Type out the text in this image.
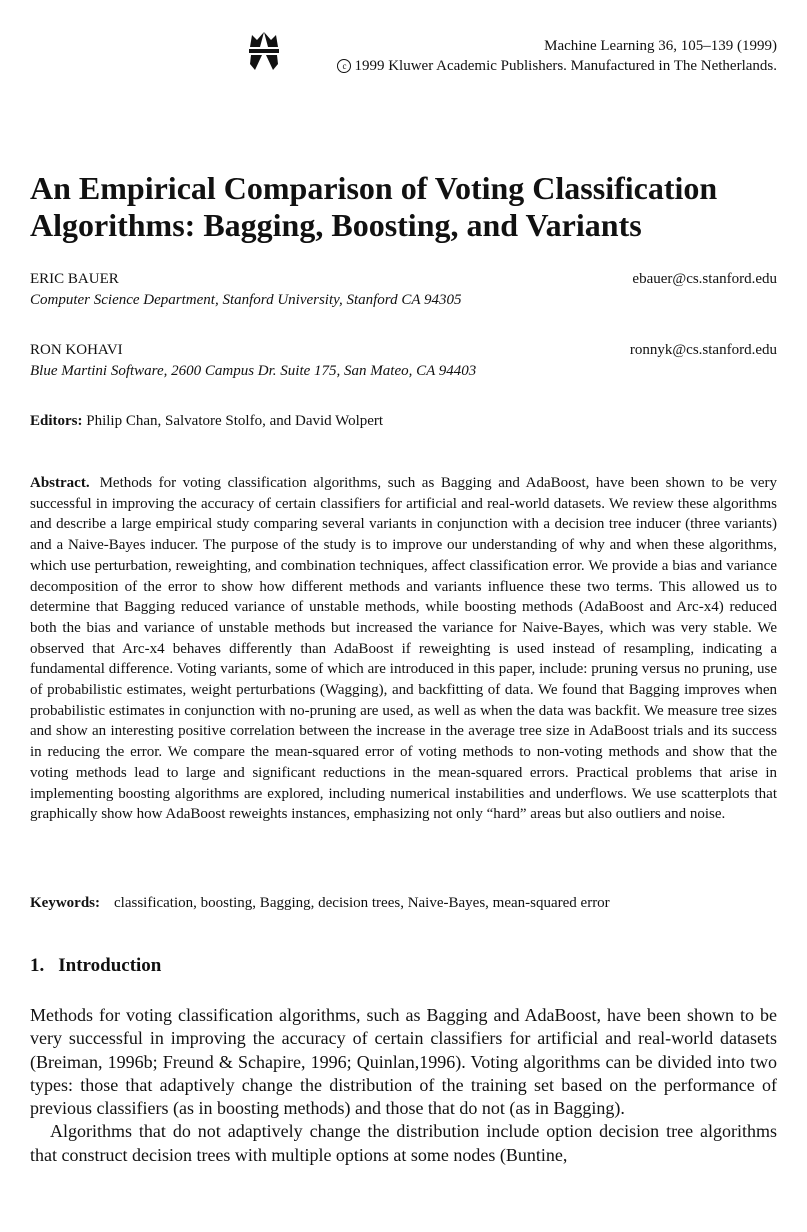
Machine Learning 36, 105–139 (1999)
c 1999 Kluwer Academic Publishers. Manufactured in The Netherlands.
An Empirical Comparison of Voting Classification
Algorithms: Bagging, Boosting, and Variants
ERIC BAUER	ebauer@cs.stanford.edu
Computer Science Department, Stanford University, Stanford CA 94305
RON KOHAVI	ronnyk@cs.stanford.edu
Blue Martini Software, 2600 Campus Dr. Suite 175, San Mateo, CA 94403
Editors: Philip Chan, Salvatore Stolfo, and David Wolpert

Abstract. Methods for voting classification algorithms, such as Bagging and AdaBoost, have been shown to be very successful in improving the accuracy of certain classifiers for artificial and real-world datasets. We review these algorithms and describe a large empirical study comparing several variants in conjunction with a decision tree inducer (three variants) and a Naive-Bayes inducer. The purpose of the study is to improve our understanding of why and when these algorithms, which use perturbation, reweighting, and combination techniques, affect classification error. We provide a bias and variance decomposition of the error to show how different methods and variants influence these two terms. This allowed us to determine that Bagging reduced variance of unstable methods, while boosting methods (AdaBoost and Arc-x4) reduced both the bias and variance of unstable methods but increased the variance for Naive-Bayes, which was very stable. We observed that Arc-x4 behaves differently than AdaBoost if reweighting is used instead of resampling, indicating a fundamental difference. Voting variants, some of which are introduced in this paper, include: pruning versus no pruning, use of probabilistic estimates, weight perturbations (Wagging), and backfitting of data. We found that Bagging improves when probabilistic estimates in conjunction with no-pruning are used, as well as when the data was backfit. We measure tree sizes and show an interesting positive correlation between the increase in the average tree size in AdaBoost trials and its success in reducing the error. We compare the mean-squared error of voting methods to non-voting methods and show that the voting methods lead to large and significant reductions in the mean-squared errors. Practical problems that arise in implementing boosting algorithms are explored, including numerical instabilities and underflows. We use scatterplots that graphically show how AdaBoost reweights instances, emphasizing not only “hard” areas but also outliers and noise.

Keywords: classification, boosting, Bagging, decision trees, Naive-Bayes, mean-squared error
1. Introduction

Methods for voting classification algorithms, such as Bagging and AdaBoost, have been shown to be very successful in improving the accuracy of certain classifiers for artificial and real-world datasets (Breiman, 1996b; Freund & Schapire, 1996; Quinlan,1996). Voting algorithms can be divided into two types: those that adaptively change the distribution of the training set based on the performance of previous classifiers (as in boosting methods) and those that do not (as in Bagging).

Algorithms that do not adaptively change the distribution include option decision tree algorithms that construct decision trees with multiple options at some nodes (Buntine,
